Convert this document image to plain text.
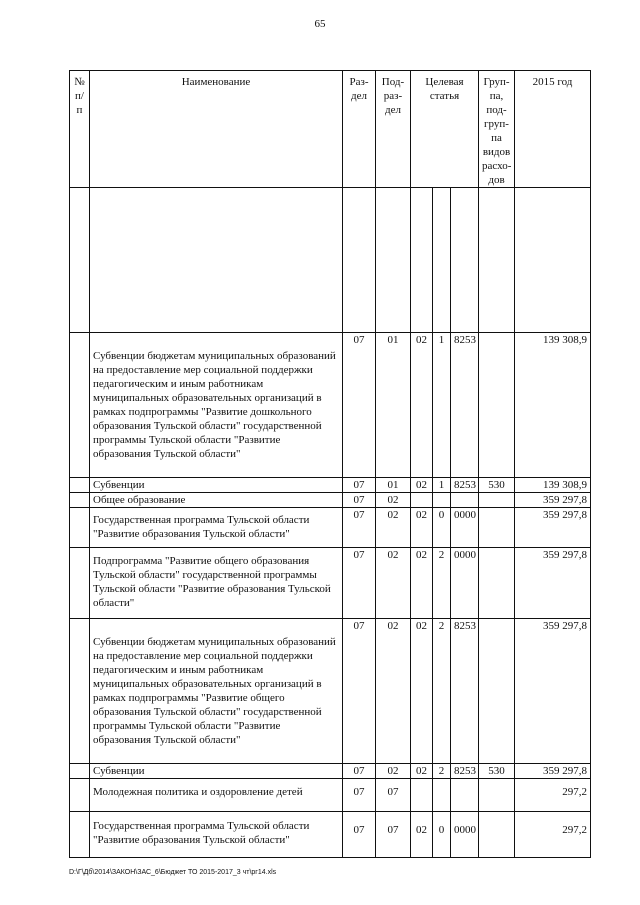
65
№ п/п	Наименование	Раз- дел	Под- раз- дел	Целевая статья			Груп- па, под- груп- па видов расхо- дов	2015 год

	Субвенции бюджетам муниципальных образований на предоставление мер социальной поддержки педагогическим и иным работникам муниципальных образовательных организаций в рамках подпрограммы "Развитие дошкольного образования Тульской области" государственной программы Тульской области "Развитие образования Тульской области"	07	01	02	1	8253		139 308,9
	Субвенции	07	01	02	1	8253	530	139 308,9
	Общее образование	07	02					359 297,8
	Государственная программа Тульской области "Развитие образования Тульской области"	07	02	02	0	0000		359 297,8
	Подпрограмма "Развитие общего образования Тульской области" государственной программы Тульской области "Развитие образования Тульской области"	07	02	02	2	0000		359 297,8
	Субвенции бюджетам муниципальных образований на предоставление мер социальной поддержки педагогическим и иным работникам муниципальных образовательных организаций в рамках подпрограммы "Развитие общего образования Тульской области" государственной программы Тульской области "Развитие образования Тульской области"	07	02	02	2	8253		359 297,8
	Субвенции	07	02	02	2	8253	530	359 297,8
	Молодежная политика и оздоровление детей	07	07					297,2
	Государственная программа Тульской области "Развитие образования Тульской области"	07	07	02	0	0000		297,2
D:\Г\Дб\2014\ЗАКОН\ЗАС_6\Бюджет ТО 2015-2017_3 чт\рг14.xls
